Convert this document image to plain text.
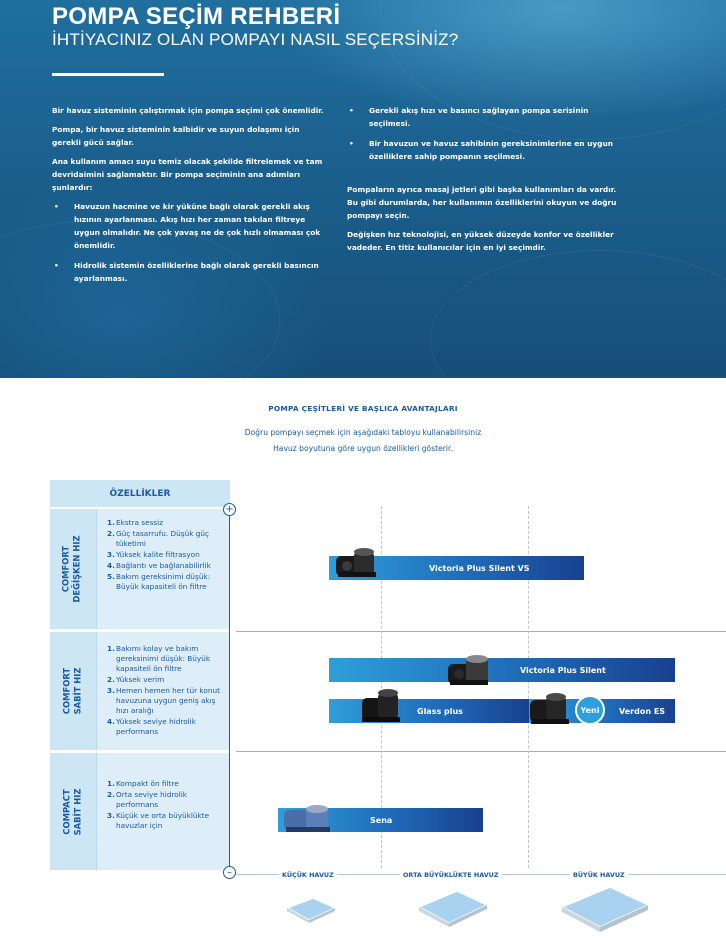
POMPA SEÇİM REHBERİ
İHTİYACINIZ OLAN POMPAYI NASIL SEÇERSİNİZ?

Bir havuz sisteminin çalıştırmak için pompa seçimi çok önemlidir.

Pompa, bir havuz sisteminin kalbidir ve suyun dolaşımı için gerekli gücü sağlar.

Ana kullanım amacı suyu temiz olacak şekilde filtrelemek ve tam devridaimini sağlamaktır. Bir pompa seçiminin ana adımları şunlardır:

• Havuzun hacmine ve kir yüküne bağlı olarak gerekli akış hızının ayarlanması. Akış hızı her zaman takılan filtreye uygun olmalıdır. Ne çok yavaş ne de çok hızlı olmaması çok önemlidir.
• Hidrolik sistemin özelliklerine bağlı olarak gerekli basıncın ayarlanması.
• Gerekli akış hızı ve basıncı sağlayan pompa serisinin seçilmesi.
• Bir havuzun ve havuz sahibinin gereksinimlerine en uygun özelliklere sahip pompanın seçilmesi.

Pompaların ayrıca masaj jetleri gibi başka kullanımları da vardır. Bu gibi durumlarda, her kullanımın özelliklerini okuyun ve doğru pompayı seçin.

Değişken hız teknolojisi, en yüksek düzeyde konfor ve özellikler vadeder. En titiz kullanıcılar için en iyi seçimdir.

POMPA ÇEŞİTLERİ VE BAŞLICA AVANTAJLARI
Doğru pompayı seçmek için aşağıdaki tabloyu kullanabilirsiniz
Havuz boyutuna göre uygun özellikleri gösterir.
ÖZELLİKLER
COMFORT DEĞİŞKEN HIZ
1. Ekstra sessiz
2. Güç tasarrufu. Düşük güç tüketimi
3. Yüksek kalite filtrasyon
4. Bağlantı ve bağlanabilirlik
5. Bakım gereksinimi düşük: Büyük kapasiteli ön filtre
COMFORT SABİT HIZ
1. Bakımı kolay ve bakım gereksinimi düşük: Büyük kapasiteli ön filtre
2. Yüksek verim
3. Hemen hemen her tür konut havuzuna uygun geniş akış hızı aralığı
4. Yüksek seviye hidrolik performans
COMPACT SABİT HIZ
1. Kompakt ön filtre
2. Orta seviye hidrolik performans
3. Küçük ve orta büyüklükte havuzlar için
+
–
Victoria Plus Silent VS
Victoria Plus Silent
Glass plus	Verdon ES
Yeni
Sena
KÜÇÜK HAVUZ	ORTA BÜYÜKLÜKTE HAVUZ	BÜYÜK HAVUZ
